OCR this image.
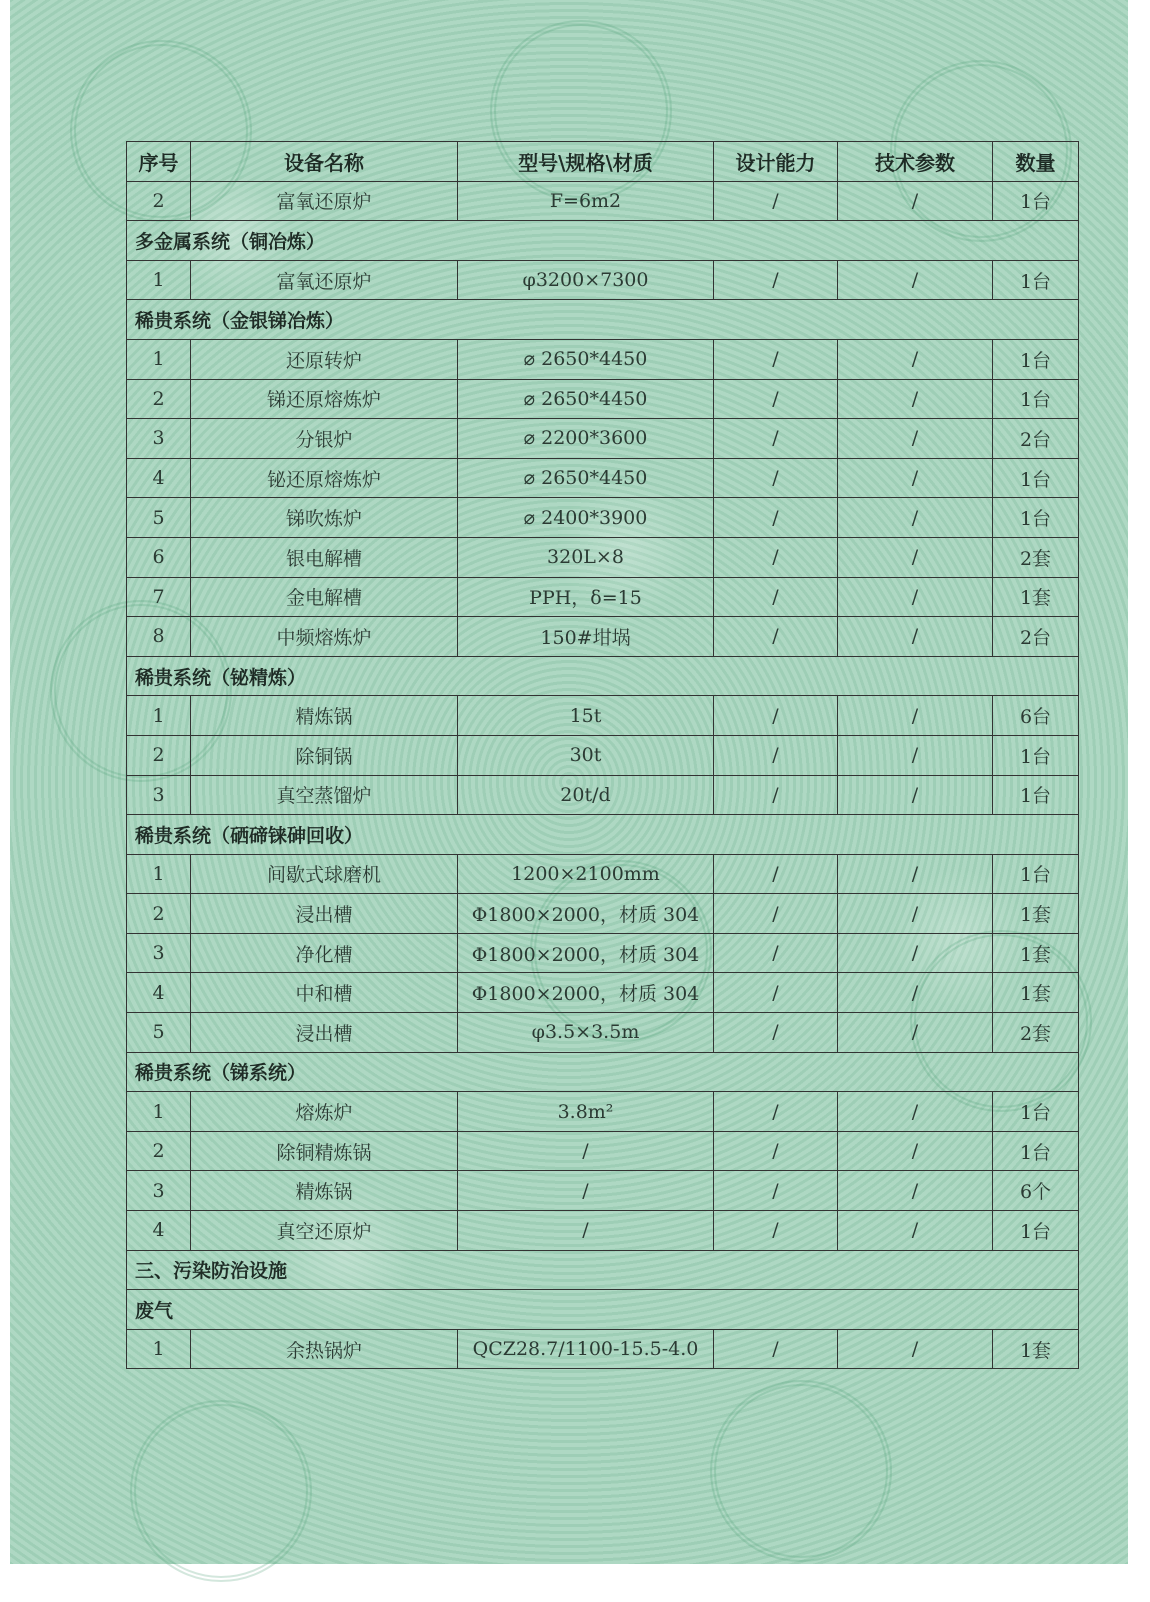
序号	设备名称	型号\规格\材质	设计能力	技术参数	数量
2	富氧还原炉	F=6m2	/	/	1台
多金属系统（铜冶炼）					
1	富氧还原炉	φ3200×7300	/	/	1台
稀贵系统（金银锑冶炼）					
1	还原转炉	⌀ 2650*4450	/	/	1台
2	锑还原熔炼炉	⌀ 2650*4450	/	/	1台
3	分银炉	⌀ 2200*3600	/	/	2台
4	铋还原熔炼炉	⌀ 2650*4450	/	/	1台
5	锑吹炼炉	⌀ 2400*3900	/	/	1台
6	银电解槽	320L×8	/	/	2套
7	金电解槽	PPH，δ=15	/	/	1套
8	中频熔炼炉	150#坩埚	/	/	2台
稀贵系统（铋精炼）					
1	精炼锅	15t	/	/	6台
2	除铜锅	30t	/	/	1台
3	真空蒸馏炉	20t/d	/	/	1台
稀贵系统（硒碲铼砷回收）					
1	间歇式球磨机	1200×2100mm	/	/	1台
2	浸出槽	Φ1800×2000，材质 304	/	/	1套
3	净化槽	Φ1800×2000，材质 304	/	/	1套
4	中和槽	Φ1800×2000，材质 304	/	/	1套
5	浸出槽	φ3.5×3.5m	/	/	2套
稀贵系统（锑系统）					
1	熔炼炉	3.8m²	/	/	1台
2	除铜精炼锅	/	/	/	1台
3	精炼锅	/	/	/	6个
4	真空还原炉	/	/	/	1台
三、污染防治设施					
废气					
1	余热锅炉	QCZ28.7/1100-15.5-4.0	/	/	1套
